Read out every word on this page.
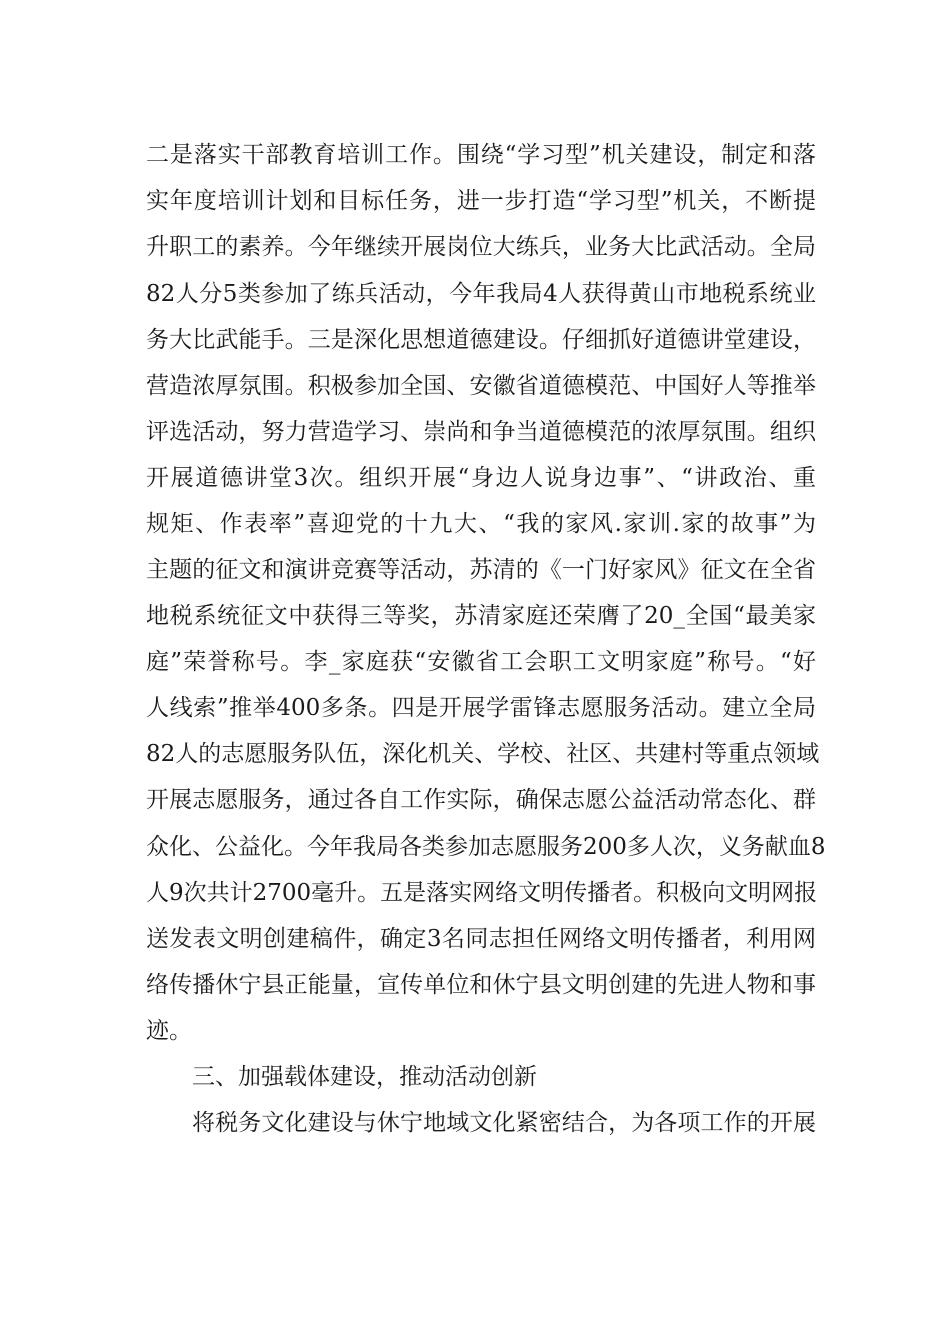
二是落实干部教育培训工作。围绕“学习型”机关建设，制定和落
实年度培训计划和目标任务，进一步打造“学习型”机关，不断提
升职工的素养。今年继续开展岗位大练兵，业务大比武活动。全局
82人分5类参加了练兵活动，今年我局4人获得黄山市地税系统业
务大比武能手。三是深化思想道德建设。仔细抓好道德讲堂建设，
营造浓厚氛围。积极参加全国、安徽省道德模范、中国好人等推举
评选活动，努力营造学习、崇尚和争当道德模范的浓厚氛围。组织
开展道德讲堂3次。组织开展“身边人说身边事”、“讲政治、重
规矩、作表率”喜迎党的十九大、“我的家风.家训.家的故事”为
主题的征文和演讲竞赛等活动，苏清的《一门好家风》征文在全省
地税系统征文中获得三等奖，苏清家庭还荣膺了20_全国“最美家
庭”荣誉称号。李_家庭获“安徽省工会职工文明家庭”称号。“好
人线索”推举400多条。四是开展学雷锋志愿服务活动。建立全局
82人的志愿服务队伍，深化机关、学校、社区、共建村等重点领域
开展志愿服务，通过各自工作实际，确保志愿公益活动常态化、群
众化、公益化。今年我局各类参加志愿服务200多人次，义务献血8
人9次共计2700毫升。五是落实网络文明传播者。积极向文明网报
送发表文明创建稿件，确定3名同志担任网络文明传播者，利用网
络传播休宁县正能量，宣传单位和休宁县文明创建的先进人物和事
迹。
三、加强载体建设，推动活动创新
将税务文化建设与休宁地域文化紧密结合，为各项工作的开展
